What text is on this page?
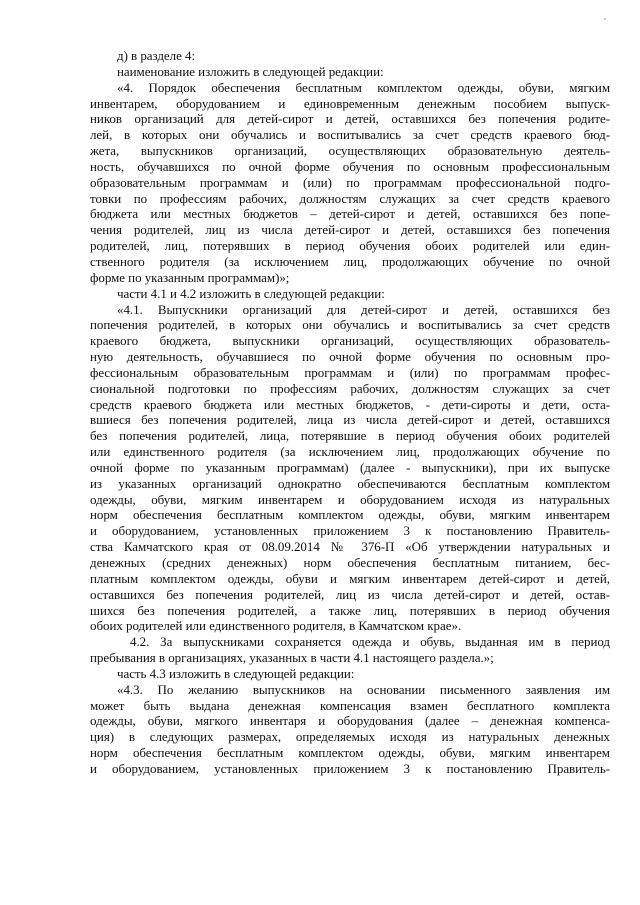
д) в разделе 4:
наименование изложить в следующей редакции:
«4. Порядок обеспечения бесплатным комплектом одежды, обуви, мягким
инвентарем, оборудованием и единовременным денежным пособием выпуск-
ников организаций для детей-сирот и детей, оставшихся без попечения родите-
лей, в которых они обучались и воспитывались за счет средств краевого бюд-
жета, выпускников организаций, осуществляющих образовательную деятель-
ность, обучавшихся по очной форме обучения по основным профессиональным
образовательным программам и (или) по программам профессиональной подго-
товки по профессиям рабочих, должностям служащих за счет средств краевого
бюджета или местных бюджетов – детей-сирот и детей, оставшихся без попе-
чения родителей, лиц из числа детей-сирот и детей, оставшихся без попечения
родителей, лиц, потерявших в период обучения обоих родителей или един-
ственного родителя (за исключением лиц, продолжающих обучение по очной
форме по указанным программам)»;
части 4.1 и 4.2 изложить в следующей редакции:
«4.1. Выпускники организаций для детей-сирот и детей, оставшихся без
попечения родителей, в которых они обучались и воспитывались за счет средств
краевого бюджета, выпускники организаций, осуществляющих образователь-
ную деятельность, обучавшиеся по очной форме обучения по основным про-
фессиональным образовательным программам и (или) по программам профес-
сиональной подготовки по профессиям рабочих, должностям служащих за счет
средств краевого бюджета или местных бюджетов, - дети-сироты и дети, оста-
вшиеся без попечения родителей, лица из числа детей-сирот и детей, оставшихся
без попечения родителей, лица, потерявшие в период обучения обоих родителей
или единственного родителя (за исключением лиц, продолжающих обучение по
очной форме по указанным программам) (далее - выпускники), при их выпуске
из указанных организаций однократно обеспечиваются бесплатным комплектом
одежды, обуви, мягким инвентарем и оборудованием исходя из натуральных
норм обеспечения бесплатным комплектом одежды, обуви, мягким инвентарем
и оборудованием, установленных приложением 3 к постановлению Правитель-
ства Камчатского края от 08.09.2014 № 376-П «Об утверждении натуральных и
денежных (средних денежных) норм обеспечения бесплатным питанием, бес-
платным комплектом одежды, обуви и мягким инвентарем детей-сирот и детей,
оставшихся без попечения родителей, лиц из числа детей-сирот и детей, остав-
шихся без попечения родителей, а также лиц, потерявших в период обучения
обоих родителей или единственного родителя, в Камчатском крае».
4.2. За выпускниками сохраняется одежда и обувь, выданная им в период
пребывания в организациях, указанных в части 4.1 настоящего раздела.»;
часть 4.3 изложить в следующей редакции:
«4.3. По желанию выпускников на основании письменного заявления им
может быть выдана денежная компенсация взамен бесплатного комплекта
одежды, обуви, мягкого инвентаря и оборудования (далее – денежная компенса-
ция) в следующих размерах, определяемых исходя из натуральных денежных
норм обеспечения бесплатным комплектом одежды, обуви, мягким инвентарем
и оборудованием, установленных приложением 3 к постановлению Правитель-
